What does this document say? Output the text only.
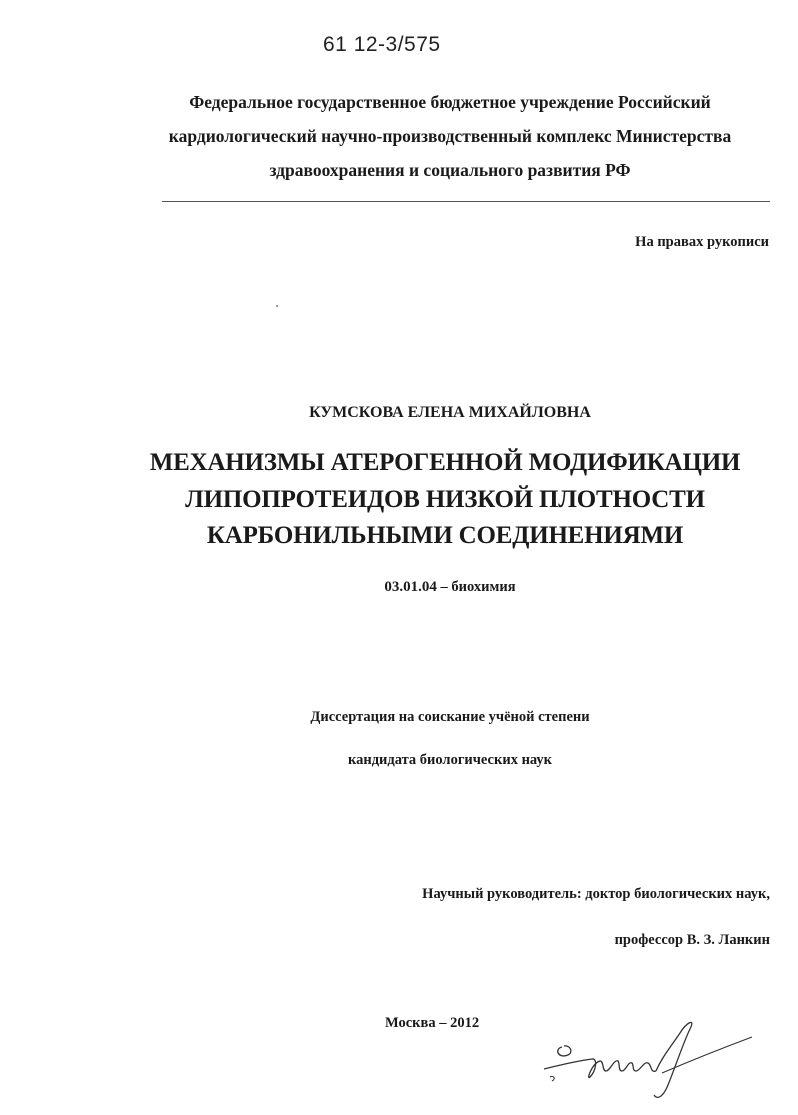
61 12-3/575
Федеральное государственное бюджетное учреждение Российский
кардиологический научно-производственный комплекс Министерства
здравоохранения и социального развития РФ
На правах рукописи
КУМСКОВА ЕЛЕНА МИХАЙЛОВНА
МЕХАНИЗМЫ АТЕРОГЕННОЙ МОДИФИКАЦИИ
ЛИПОПРОТЕИДОВ НИЗКОЙ ПЛОТНОСТИ
КАРБОНИЛЬНЫМИ СОЕДИНЕНИЯМИ
03.01.04 – биохимия
Диссертация на соискание учёной степени
кандидата биологических наук
Научный руководитель: доктор биологических наук,
профессор В. З. Ланкин
Москва – 2012
